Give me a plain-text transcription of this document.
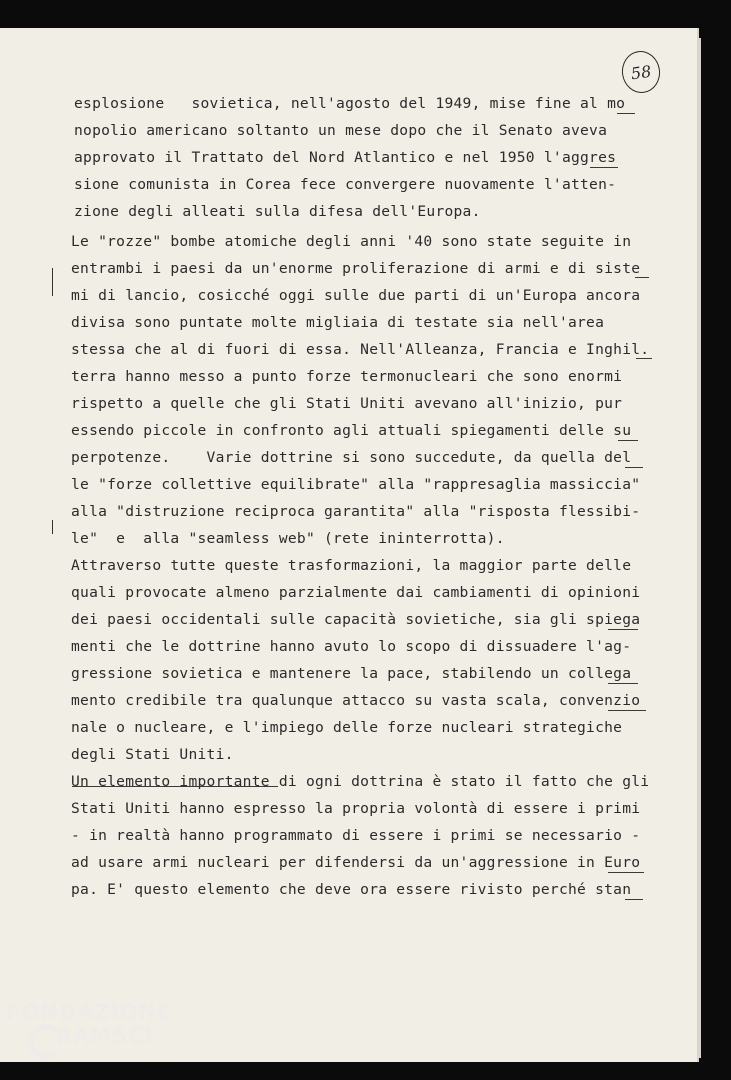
58
esplosione   sovietica, nell'agosto del 1949, mise fine al mo
nopolio americano soltanto un mese dopo che il Senato aveva
approvato il Trattato del Nord Atlantico e nel 1950 l'aggres
sione comunista in Corea fece convergere nuovamente l'atten-
zione degli alleati sulla difesa dell'Europa.
Le "rozze" bombe atomiche degli anni '40 sono state seguite in
entrambi i paesi da un'enorme proliferazione di armi e di siste
mi di lancio, cosicché oggi sulle due parti di un'Europa ancora
divisa sono puntate molte migliaia di testate sia nell'area
stessa che al di fuori di essa. Nell'Alleanza, Francia e Inghil.
terra hanno messo a punto forze termonucleari che sono enormi
rispetto a quelle che gli Stati Uniti avevano all'inizio, pur
essendo piccole in confronto agli attuali spiegamenti delle su
perpotenze.    Varie dottrine si sono succedute, da quella del
le "forze collettive equilibrate" alla "rappresaglia massiccia"
alla "distruzione reciproca garantita" alla "risposta flessibi-
le"  e  alla "seamless web" (rete ininterrotta).
Attraverso tutte queste trasformazioni, la maggior parte delle
quali provocate almeno parzialmente dai cambiamenti di opinioni
dei paesi occidentali sulle capacità sovietiche, sia gli spiega
menti che le dottrine hanno avuto lo scopo di dissuadere l'ag-
gressione sovietica e mantenere la pace, stabilendo un collega
mento credibile tra qualunque attacco su vasta scala, convenzio
nale o nucleare, e l'impiego delle forze nucleari strategiche
degli Stati Uniti.
Un elemento importante di ogni dottrina è stato il fatto che gli
Stati Uniti hanno espresso la propria volontà di essere i primi
- in realtà hanno programmato di essere i primi se necessario -
ad usare armi nucleari per difendersi da un'aggressione in Euro
pa. E' questo elemento che deve ora essere rivisto perché stan
FONDAZIONE
RAMSCI
onlus
